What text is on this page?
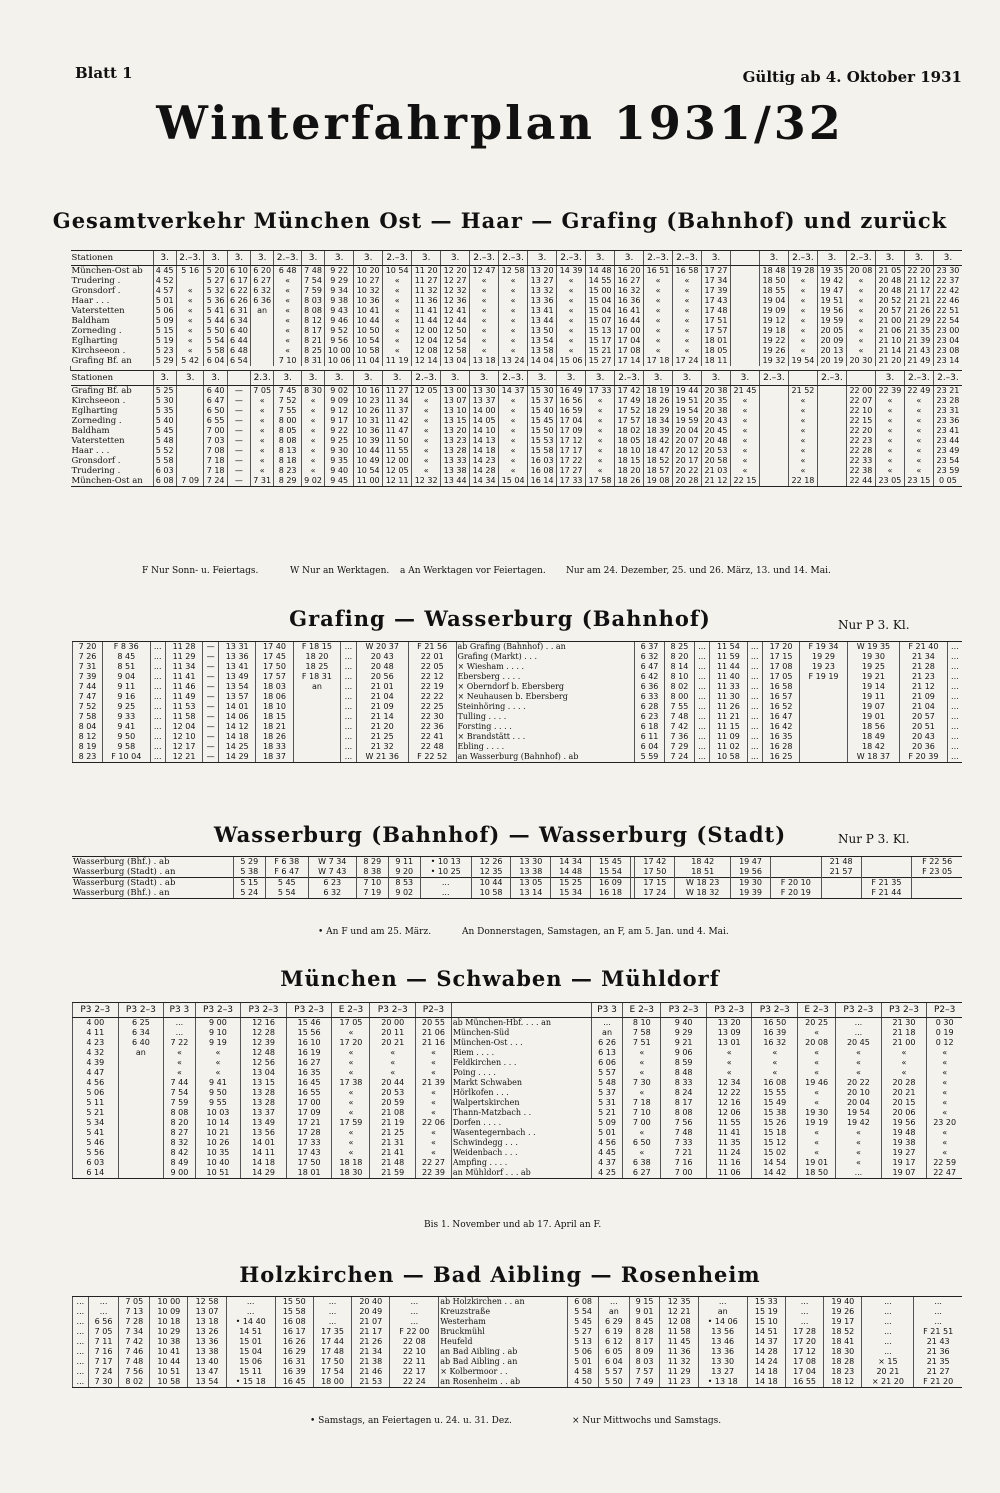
Blatt 1	Gültig ab 4. Oktober 1931
Winterfahrplan 1931/32
Gesamtverkehr München Ost — Haar — Grafing (Bahnhof) und zurück
Stationen	3.	2.–3.	3.	3.	3.	2.–3.	3.	3.	3.	2.–3.	3.	3.	2.–3.	2.–3.	3.	2.–3.	3.	3.	2.–3.	2.–3.	3.		3.	2.–3.	3.	2.–3.	3.	3.	3.
München-Ost ab	4 45	5 16	5 20	6 10	6 20	6 48	7 48	9 22	10 20	10 54	11 20	12 20	12 47	12 58	13 20	14 39	14 48	16 20	16 51	16 58	17 27		18 48	19 28	19 35	20 08	21 05	22 20	23 30
Trudering .	4 52		5 27	6 17	6 27	«	7 54	9 29	10 27	«	11 27	12 27	«	«	13 27	«	14 55	16 27	«	«	17 34		18 50	«	19 42	«	20 48	21 12	22 37
Gronsdorf .	4 57	«	5 32	6 22	6 32	«	7 59	9 34	10 32	«	11 32	12 32	«	«	13 32	«	15 00	16 32	«	«	17 39		18 55	«	19 47	«	20 48	21 17	22 42
Haar . . .	5 01	«	5 36	6 26	6 36	«	8 03	9 38	10 36	«	11 36	12 36	«	«	13 36	«	15 04	16 36	«	«	17 43		19 04	«	19 51	«	20 52	21 21	22 46
Vaterstetten	5 06	«	5 41	6 31	an	«	8 08	9 43	10 41	«	11 41	12 41	«	«	13 41	«	15 04	16 41	«	«	17 48		19 09	«	19 56	«	20 57	21 26	22 51
Baldham	5 09	«	5 44	6 34		«	8 12	9 46	10 44	«	11 44	12 44	«	«	13 44	«	15 07	16 44	«	«	17 51		19 12	«	19 59	«	21 00	21 29	22 54
Zorneding .	5 15	«	5 50	6 40		«	8 17	9 52	10 50	«	12 00	12 50	«	«	13 50	«	15 13	17 00	«	«	17 57		19 18	«	20 05	«	21 06	21 35	23 00
Eglharting	5 19	«	5 54	6 44		«	8 21	9 56	10 54	«	12 04	12 54	«	«	13 54	«	15 17	17 04	«	«	18 01		19 22	«	20 09	«	21 10	21 39	23 04
Kirchseeon .	5 23	«	5 58	6 48		«	8 25	10 00	10 58	«	12 08	12 58	«	«	13 58	«	15 21	17 08	«	«	18 05		19 26	«	20 13	«	21 14	21 43	23 08
Grafing Bf. an	5 29	5 42	6 04	6 54		7 10	8 31	10 06	11 04	11 19	12 14	13 04	13 18	13 24	14 04	15 06	15 27	17 14	17 18	17 24	18 11		19 32	19 54	20 19	20 30	21 20	21 49	23 14

Stationen	3.	3.	3.		2.3.	3.	3.	3.	3.	3.	2.–3.	3.	3.	2.–3.	3.	3.	3.	2.–3.	3.	3.	3.	3.	2.–3.		2.–3.		3.	2.–3.	2.–3.
Grafing Bf. ab	5 25		6 40	—	7 05	7 45	8 30	9 02	10 16	11 27	12 05	13 00	13 30	14 37	15 30	16 49	17 33	17 42	18 19	19 44	20 38	21 45		21 52		22 00	22 39	22 49	23 21
Kirchseeon .	5 30		6 47	—	«	7 52	«	9 09	10 23	11 34	«	13 07	13 37	«	15 37	16 56	«	17 49	18 26	19 51	20 35	«		«		22 07	«	«	23 28
Eglharting	5 35		6 50	—	«	7 55	«	9 12	10 26	11 37	«	13 10	14 00	«	15 40	16 59	«	17 52	18 29	19 54	20 38	«		«		22 10	«	«	23 31
Zorneding .	5 40		6 55	—	«	8 00	«	9 17	10 31	11 42	«	13 15	14 05	«	15 45	17 04	«	17 57	18 34	19 59	20 43	«		«		22 15	«	«	23 36
Baldham	5 45		7 00	—	«	8 05	«	9 22	10 36	11 47	«	13 20	14 10	«	15 50	17 09	«	18 02	18 39	20 04	20 45	«		«		22 20	«	«	23 41
Vaterstetten	5 48		7 03	—	«	8 08	«	9 25	10 39	11 50	«	13 23	14 13	«	15 53	17 12	«	18 05	18 42	20 07	20 48	«		«		22 23	«	«	23 44
Haar . . .	5 52		7 08	—	«	8 13	«	9 30	10 44	11 55	«	13 28	14 18	«	15 58	17 17	«	18 10	18 47	20 12	20 53	«		«		22 28	«	«	23 49
Gronsdorf .	5 58		7 18	—	«	8 18	«	9 35	10 49	12 00	«	13 33	14 23	«	16 03	17 22	«	18 15	18 52	20 17	20 58	«		«		22 33	«	«	23 54
Trudering .	6 03		7 18	—	«	8 23	«	9 40	10 54	12 05	«	13 38	14 28	«	16 08	17 27	«	18 20	18 57	20 22	21 03	«		«		22 38	«	«	23 59
München-Ost an	6 08	7 09	7 24	—	7 31	8 29	9 02	9 45	11 00	12 11	12 32	13 44	14 34	15 04	16 14	17 33	17 58	18 26	19 08	20 28	21 12	22 15		22 18		22 44	23 05	23 15	0 05
F Nur Sonn- u. Feiertags.	W Nur an Werktagen. a An Werktagen vor Feiertagen. Nur am 24. Dezember, 25. und 26. März, 13. und 14. Mai.
Grafing — Wasserburg (Bahnhof)	Nur P 3. Kl.
7 20	F 8 36	...	11 28	—	13 31	17 40	F 18 15	...	W 20 37	F 21 56	ab Grafing (Bahnhof) . . an	6 37	8 25	...	11 54	...	17 20	F 19 34	W 19 35	F 21 40	...
7 26	8 45	...	11 29	—	13 36	17 45	18 20	...	20 43	22 01	Grafing (Markt) . . .	6 32	8 20	...	11 59	...	17 15	19 29	19 30	21 34	...
7 31	8 51	...	11 34	—	13 41	17 50	18 25	...	20 48	22 05	× Wiesham . . . .	6 47	8 14	...	11 44	...	17 08	19 23	19 25	21 28	...
7 39	9 04	...	11 41	—	13 49	17 57	F 18 31	...	20 56	22 12	Ebersberg . . . .	6 42	8 10	...	11 40	...	17 05	F 19 19	19 21	21 23	...
7 44	9 11	...	11 46	—	13 54	18 03	an	...	21 01	22 19	× Oberndorf b. Ebersberg	6 36	8 02	...	11 33	...	16 58		19 14	21 12	...
7 47	9 16	...	11 49	—	13 57	18 06		...	21 04	22 22	× Neuhausen b. Ebersberg	6 33	8 00	...	11 30	...	16 57		19 11	21 09	...
7 52	9 25	...	11 53	—	14 01	18 10		...	21 09	22 25	Steinhöring . . . .	6 28	7 55	...	11 26	...	16 52		19 07	21 04	...
7 58	9 33	...	11 58	—	14 06	18 15		...	21 14	22 30	Tulling . . . .	6 23	7 48	...	11 21	...	16 47		19 01	20 57	...
8 04	9 41	...	12 04	—	14 12	18 21		...	21 20	22 36	Forsting . . . .	6 18	7 42	...	11 15	...	16 42		18 56	20 51	...
8 12	9 50	...	12 10	—	14 18	18 26		...	21 25	22 41	× Brandstätt . . .	6 11	7 36	...	11 09	...	16 35		18 49	20 43	...
8 19	9 58	...	12 17	—	14 25	18 33		...	21 32	22 48	Ebling . . . .	6 04	7 29	...	11 02	...	16 28		18 42	20 36	...
8 23	F 10 04	...	12 21	—	14 29	18 37		...	W 21 36	F 22 52	an Wasserburg (Bahnhof) . ab	5 59	7 24	...	10 58	...	16 25		W 18 37	F 20 39	...
Wasserburg (Bahnhof) — Wasserburg (Stadt)	Nur P 3. Kl.
Wasserburg (Bhf.) . ab	5 29	F 6 38	W 7 34	8 29	9 11	• 10 13	12 26	13 30	14 34	15 45		17 42	18 42	19 47		21 48		F 22 56
Wasserburg (Stadt) . an	5 38	F 6 47	W 7 43	8 38	9 20	• 10 25	12 35	13 38	14 48	15 54		17 50	18 51	19 56		21 57		F 23 05
Wasserburg (Stadt) . ab	5 15	5 45	6 23	7 10	8 53	...	10 44	13 05	15 25	16 09		17 15	W 18 23	19 30	F 20 10		F 21 35	
Wasserburg (Bhf.) . an	5 24	5 54	6 32	7 19	9 02	...	10 58	13 14	15 34	16 18		17 24	W 18 32	19 39	F 20 19		F 21 44	
• An F und am 25. März.	An Donnerstagen, Samstagen, an F, am 5. Jan. und 4. Mai.
München — Schwaben — Mühldorf
P3 2–3	P3 2–3	P3 3	P3 2–3	P3 2–3	P3 2–3	E 2–3	P3 2–3	P2–3		P3 3	E 2–3	P3 2–3	P3 2–3	P3 2–3	E 2–3	P3 2–3	P3 2–3	P2–3
4 00	6 25	...	9 00	12 16	15 46	17 05	20 00	20 55	ab München-Hbf. . . . an	...	8 10	9 40	13 20	16 50	20 25	...	21 30	0 30
4 11	6 34	...	9 10	12 28	15 56	«	20 11	21 06	München-Süd	an	7 58	9 29	13 09	16 39	«	...	21 18	0 19
4 23	6 40	7 22	9 19	12 39	16 10	17 20	20 21	21 16	München-Ost . . .	6 26	7 51	9 21	13 01	16 32	20 08	20 45	21 00	0 12
4 32	an	«	«	12 48	16 19	«	«	«	Riem . . . .	6 13	«	9 06	«	«	«	«	«	«
4 39		«	«	12 56	16 27	«	«	«	Feldkirchen . . .	6 06	«	8 59	«	«	«	«	«	«
4 47		«	«	13 04	16 35	«	«	«	Poing . . . .	5 57	«	8 48	«	«	«	«	«	«
4 56		7 44	9 41	13 15	16 45	17 38	20 44	21 39	Markt Schwaben	5 48	7 30	8 33	12 34	16 08	19 46	20 22	20 28	«
5 06		7 54	9 50	13 28	16 55	«	20 53	«	Hörlkofen . . .	5 37	«	8 24	12 22	15 55	«	20 10	20 21	«
5 11		7 59	9 55	13 28	17 00	«	20 59	«	Walpertskirchen	5 31	7 18	8 17	12 16	15 49	«	20 04	20 15	«
5 21		8 08	10 03	13 37	17 09	«	21 08	«	Thann-Matzbach . .	5 21	7 10	8 08	12 06	15 38	19 30	19 54	20 06	«
5 34		8 20	10 14	13 49	17 21	17 59	21 19	22 06	Dorfen . . . .	5 09	7 00	7 56	11 55	15 26	19 19	19 42	19 56	23 20
5 41		8 27	10 21	13 56	17 28	«	21 25	«	Wasentegernbach . .	5 01	«	7 48	11 41	15 18	«	«	19 48	«
5 46		8 32	10 26	14 01	17 33	«	21 31	«	Schwindegg . . .	4 56	6 50	7 33	11 35	15 12	«	«	19 38	«
5 56		8 42	10 35	14 11	17 43	«	21 41	«	Weidenbach . . .	4 45	«	7 21	11 24	15 02	«	«	19 27	«
6 03		8 49	10 40	14 18	17 50	18 18	21 48	22 27	Ampfing . . . .	4 37	6 38	7 16	11 16	14 54	19 01	«	19 17	22 59
6 14		9 00	10 51	14 29	18 01	18 30	21 59	22 39	an Mühldorf . . . ab	4 25	6 27	7 00	11 06	14 42	18 50	...	19 07	22 47
Bis 1. November und ab 17. April an F.
Holzkirchen — Bad Aibling — Rosenheim
...	...	7 05	10 00	12 58	...	15 50	...	20 40	...	ab Holzkirchen . . an	6 08	...	9 15	12 35	...	15 33	...	19 40	...	...
...	...	7 13	10 09	13 07	...	15 58	...	20 49	...	Kreuzstraße	5 54	an	9 01	12 21	an	15 19	...	19 26	...	...
...	6 56	7 28	10 18	13 18	• 14 40	16 08	...	21 07	...	Westerham	5 45	6 29	8 45	12 08	• 14 06	15 10	...	19 17	...	...
...	7 05	7 34	10 29	13 26	14 51	16 17	17 35	21 17	F 22 00	Bruckmühl	5 27	6 19	8 28	11 58	13 56	14 51	17 28	18 52	...	F 21 51
...	7 11	7 42	10 38	13 36	15 01	16 26	17 44	21 26	22 08	Heufeld	5 13	6 12	8 17	11 45	13 46	14 37	17 20	18 41	...	21 43
...	7 16	7 46	10 41	13 38	15 04	16 29	17 48	21 34	22 10	an Bad Aibling . ab	5 06	6 05	8 09	11 36	13 36	14 28	17 12	18 30	...	21 36
...	7 17	7 48	10 44	13 40	15 06	16 31	17 50	21 38	22 11	ab Bad Aibling . an	5 01	6 04	8 03	11 32	13 30	14 24	17 08	18 28	× 15	21 35
...	7 24	7 56	10 51	13 47	15 11	16 39	17 54	21 46	22 17	× Kolbermoor . .	4 58	5 57	7 57	11 29	13 27	14 18	17 04	18 23	20 21	21 27
...	7 30	8 02	10 58	13 54	• 15 18	16 45	18 00	21 53	22 24	an Rosenheim . . ab	4 50	5 50	7 49	11 23	• 13 18	14 18	16 55	18 12	× 21 20	F 21 20
• Samstags, an Feiertagen u. 24. u. 31. Dez.	× Nur Mittwochs und Samstags.
